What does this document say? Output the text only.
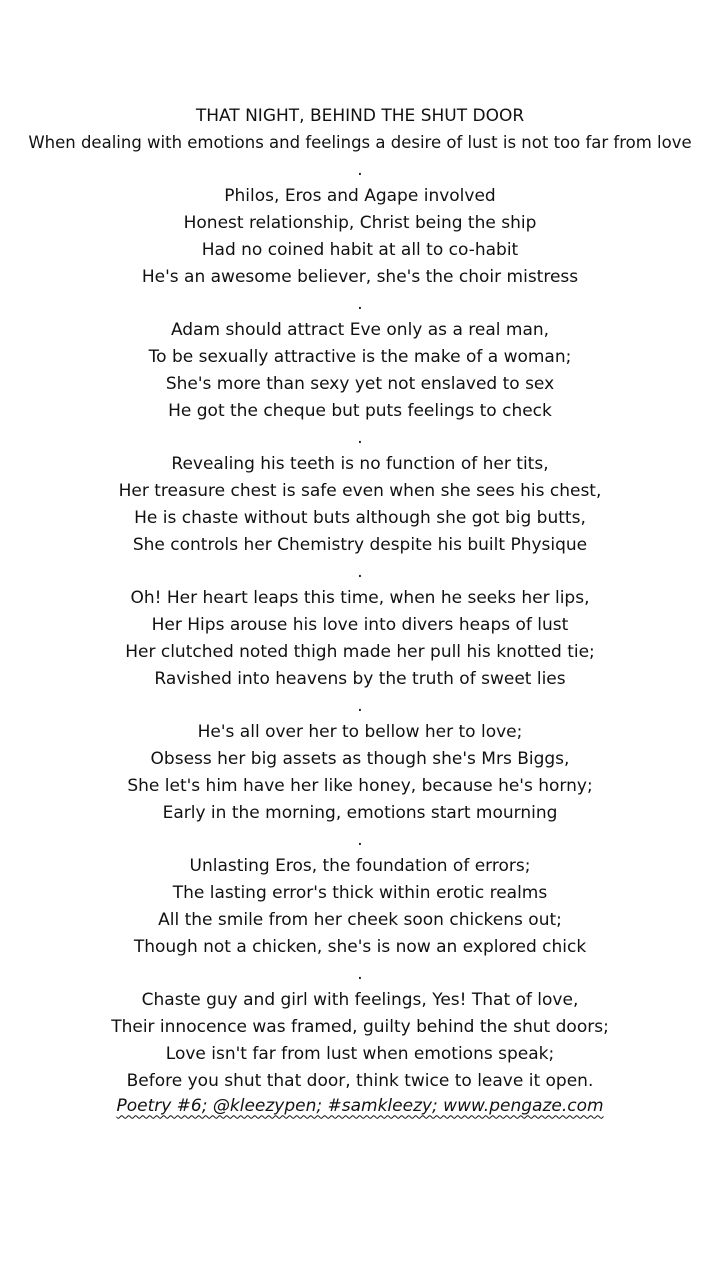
THAT NIGHT, BEHIND THE SHUT DOOR
When dealing with emotions and feelings a desire of lust is not too far from love
.
Philos, Eros and Agape involved
Honest relationship, Christ being the ship
Had no coined habit at all to co-habit
He's an awesome believer, she's the choir mistress
.
Adam should attract Eve only as a real man,
To be sexually attractive is the make of a woman;
She's more than sexy yet not enslaved to sex
He got the cheque but puts feelings to check
.
Revealing his teeth is no function of her tits,
Her treasure chest is safe even when she sees his chest,
He is chaste without buts although she got big butts,
She controls her Chemistry despite his built Physique
.
Oh! Her heart leaps this time, when he seeks her lips,
Her Hips arouse his love into divers heaps of lust
Her clutched noted thigh made her pull his knotted tie;
Ravished into heavens by the truth of sweet lies
.
He's all over her to bellow her to love;
Obsess her big assets as though she's Mrs Biggs,
She let's him have her like honey, because he's horny;
Early in the morning, emotions start mourning
.
Unlasting Eros, the foundation of errors;
The lasting error's thick within erotic realms
All the smile from her cheek soon chickens out;
Though not a chicken, she's is now an explored chick
.
Chaste guy and girl with feelings, Yes! That of love,
Their innocence was framed, guilty behind the shut doors;
Love isn't far from lust when emotions speak;
Before you shut that door, think twice to leave it open.
Poetry #6; @kleezypen; #samkleezy; www.pengaze.com
